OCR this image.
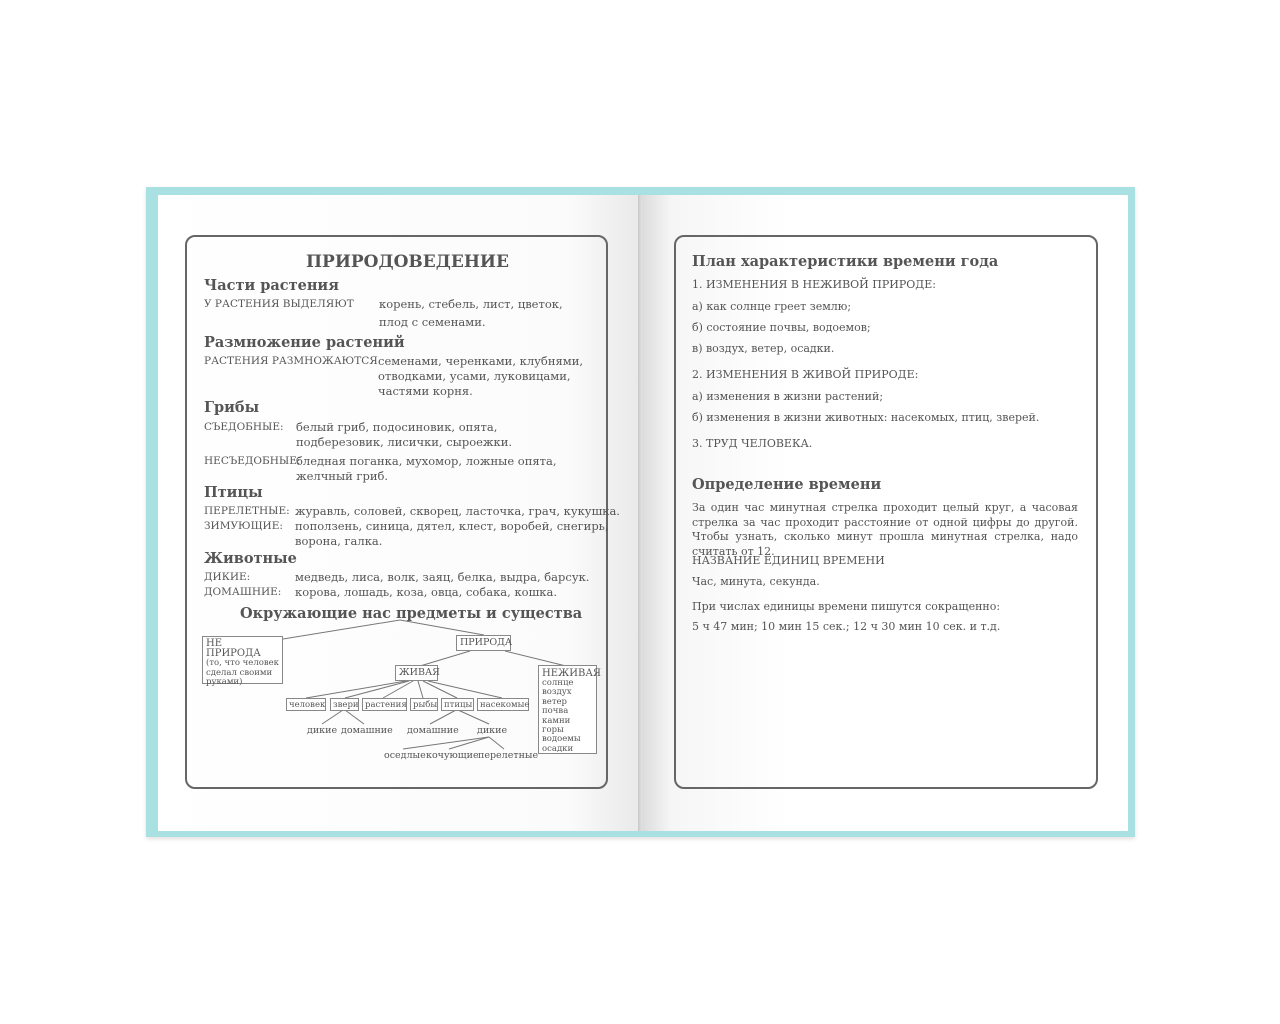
ПРИРОДОВЕДЕНИЕ
Части растения
У РАСТЕНИЯ ВЫДЕЛЯЮТ корень, стебель, лист, цветок,
плод с семенами.
Размножение растений
РАСТЕНИЯ РАЗМНОЖАЮТСЯ семенами, черенками, клубнями,
отводками, усами, луковицами,
частями корня.
Грибы
СЪЕДОБНЫЕ: белый гриб, подосиновик, опята,
подберезовик, лисички, сыроежки.
НЕСЪЕДОБНЫЕ:
бледная поганка, мухомор, ложные опята,
желчный гриб.
Птицы
ПЕРЕЛЕТНЫЕ: журавль, соловей, скворец, ласточка, грач, кукушка.
ЗИМУЮЩИЕ: поползень, синица, дятел, клест, воробей, снегирь,
ворона, галка.
Животные
ДИКИЕ:	медведь, лиса, волк, заяц, белка, выдра, барсук.
ДОМАШНИЕ: корова, лошадь, коза, овца, собака, кошка.
Окружающие нас предметы и существа
НЕ ПРИРОДА
(то, что человек сделал своими руками)
ПРИРОДА
ЖИВАЯ	НЕЖИВАЯ
солнце
воздух
ветер
почва
камни
горы
водоемы
осадки
человек звери растения рыбы птицы насекомые
дикие домашние домашние дикие
оседлые кочующие перелетные
План характеристики времени года
1. ИЗМЕНЕНИЯ В НЕЖИВОЙ ПРИРОДЕ:
а) как солнце греет землю;
б) состояние почвы, водоемов;
в) воздух, ветер, осадки.
2. ИЗМЕНЕНИЯ В ЖИВОЙ ПРИРОДЕ:
а) изменения в жизни растений;
б) изменения в жизни животных: насекомых, птиц, зверей.
3. ТРУД ЧЕЛОВЕКА.
Определение времени
За один час минутная стрелка проходит целый круг, а часовая стрелка за час проходит расстояние от одной цифры до другой. Чтобы узнать, сколько минут прошла минутная стрелка, надо считать от 12.
НАЗВАНИЕ ЕДИНИЦ ВРЕМЕНИ
Час, минута, секунда.
При числах единицы времени пишутся сокращенно:
5 ч 47 мин; 10 мин 15 сек.; 12 ч 30 мин 10 сек. и т.д.
